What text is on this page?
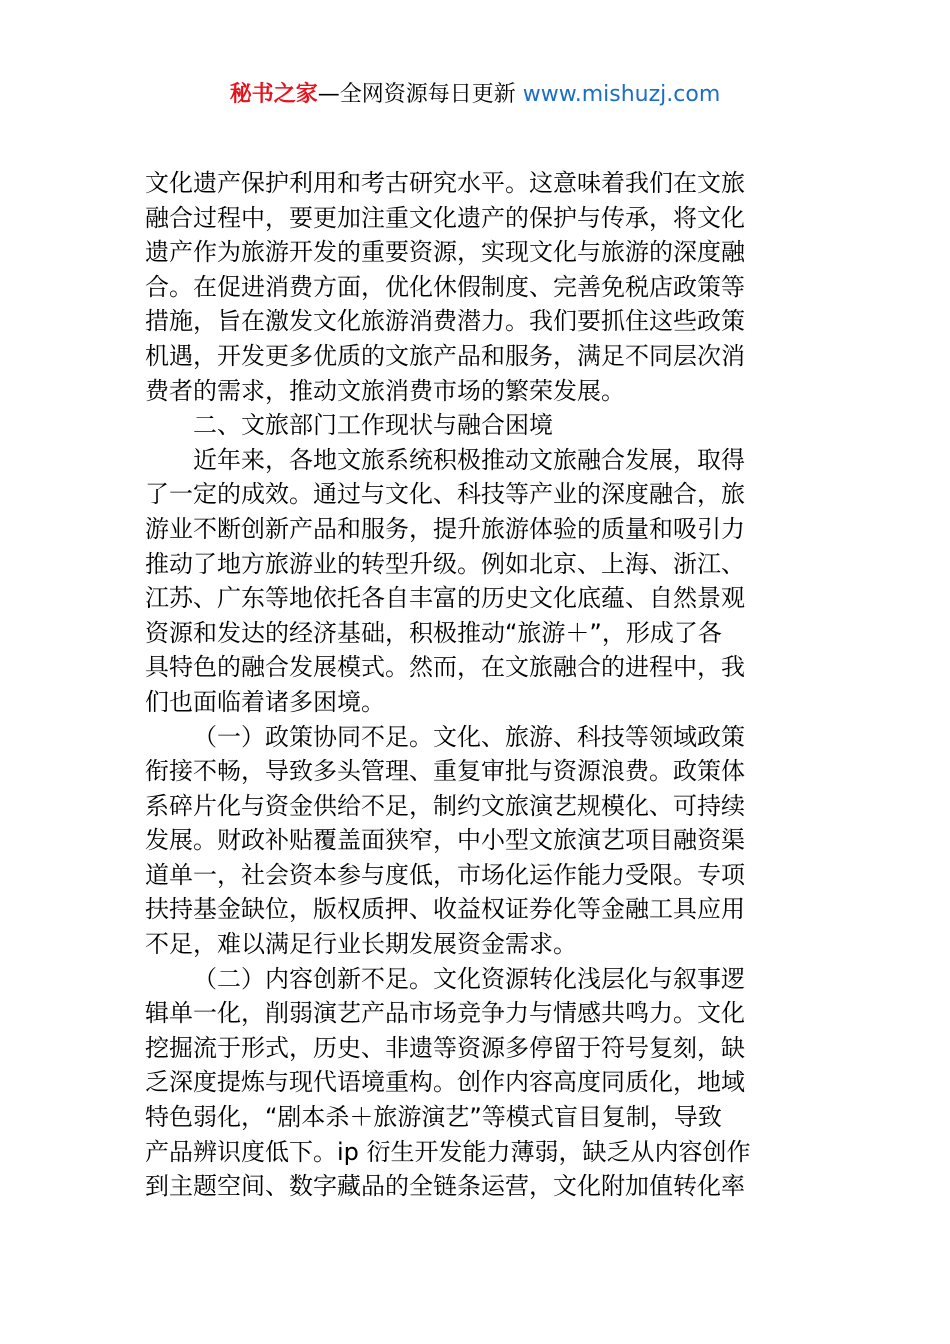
秘书之家—全网资源每日更新 www.mishuzj.com
文化遗产保护利用和考古研究水平。这意味着我们在文旅
融合过程中，要更加注重文化遗产的保护与传承，将文化
遗产作为旅游开发的重要资源，实现文化与旅游的深度融
合。在促进消费方面，优化休假制度、完善免税店政策等
措施，旨在激发文化旅游消费潜力。我们要抓住这些政策
机遇，开发更多优质的文旅产品和服务，满足不同层次消
费者的需求，推动文旅消费市场的繁荣发展。
二、文旅部门工作现状与融合困境
近年来，各地文旅系统积极推动文旅融合发展，取得
了一定的成效。通过与文化、科技等产业的深度融合，旅
游业不断创新产品和服务，提升旅游体验的质量和吸引力
推动了地方旅游业的转型升级。例如北京、上海、浙江、
江苏、广东等地依托各自丰富的历史文化底蕴、自然景观
资源和发达的经济基础，积极推动“旅游＋”，形成了各
具特色的融合发展模式。然而，在文旅融合的进程中，我
们也面临着诸多困境。
（一）政策协同不足。文化、旅游、科技等领域政策
衔接不畅，导致多头管理、重复审批与资源浪费。政策体
系碎片化与资金供给不足，制约文旅演艺规模化、可持续
发展。财政补贴覆盖面狭窄，中小型文旅演艺项目融资渠
道单一，社会资本参与度低，市场化运作能力受限。专项
扶持基金缺位，版权质押、收益权证券化等金融工具应用
不足，难以满足行业长期发展资金需求。
（二）内容创新不足。文化资源转化浅层化与叙事逻
辑单一化，削弱演艺产品市场竞争力与情感共鸣力。文化
挖掘流于形式，历史、非遗等资源多停留于符号复刻，缺
乏深度提炼与现代语境重构。创作内容高度同质化，地域
特色弱化，“剧本杀＋旅游演艺”等模式盲目复制，导致
产品辨识度低下。ip 衍生开发能力薄弱，缺乏从内容创作
到主题空间、数字藏品的全链条运营，文化附加值转化率
